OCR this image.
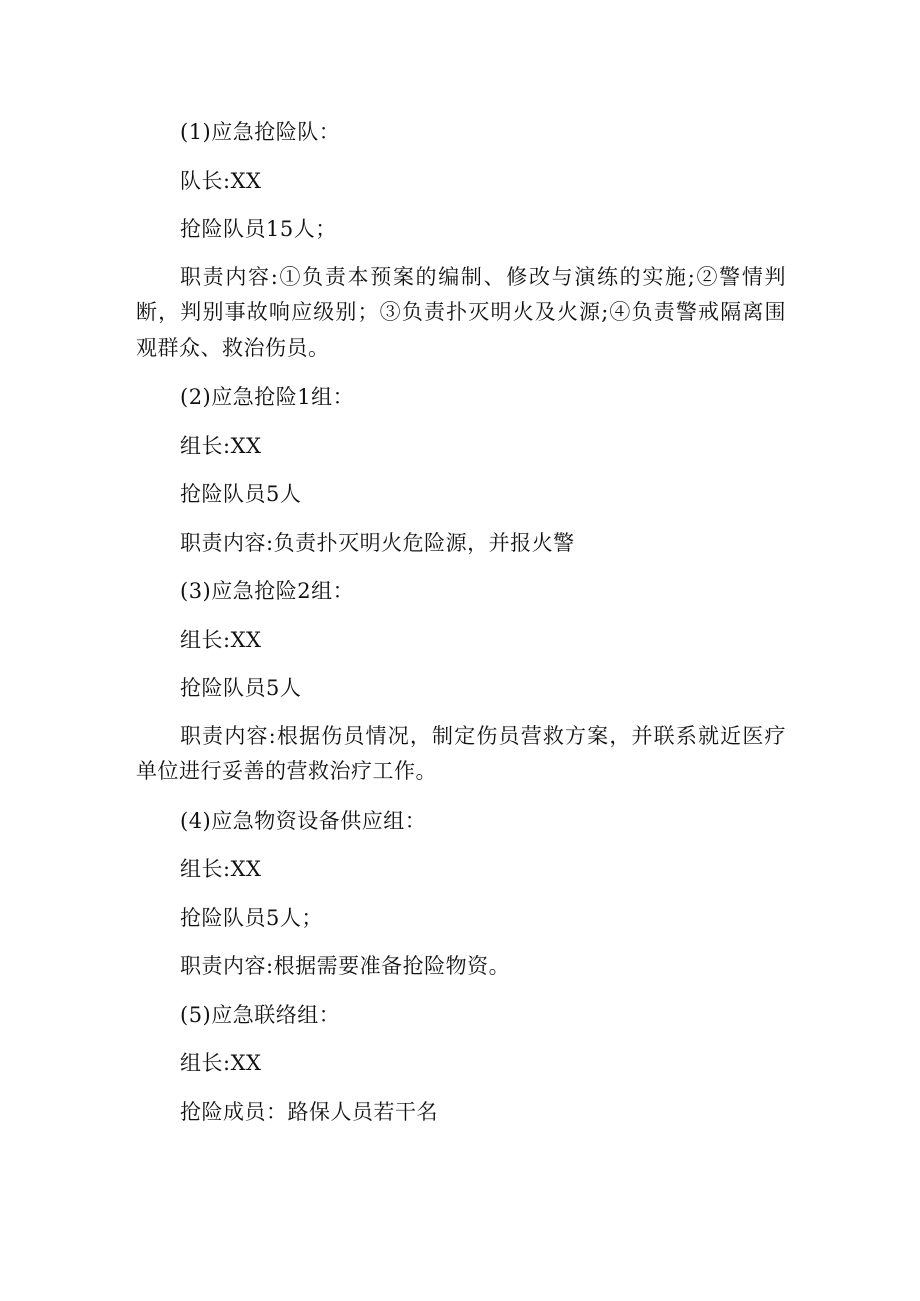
(1)应急抢险队：
队长:XX
抢险队员15人；
职责内容:①负责本预案的编制、修改与演练的实施;②警情判断，判别事故响应级别；③负责扑灭明火及火源;④负责警戒隔离围观群众、救治伤员。
(2)应急抢险1组：
组长:XX
抢险队员5人
职责内容:负责扑灭明火危险源，并报火警
(3)应急抢险2组：
组长:XX
抢险队员5人
职责内容:根据伤员情况，制定伤员营救方案，并联系就近医疗单位进行妥善的营救治疗工作。
(4)应急物资设备供应组：
组长:XX
抢险队员5人；
职责内容:根据需要准备抢险物资。
(5)应急联络组：
组长:XX
抢险成员：路保人员若干名
